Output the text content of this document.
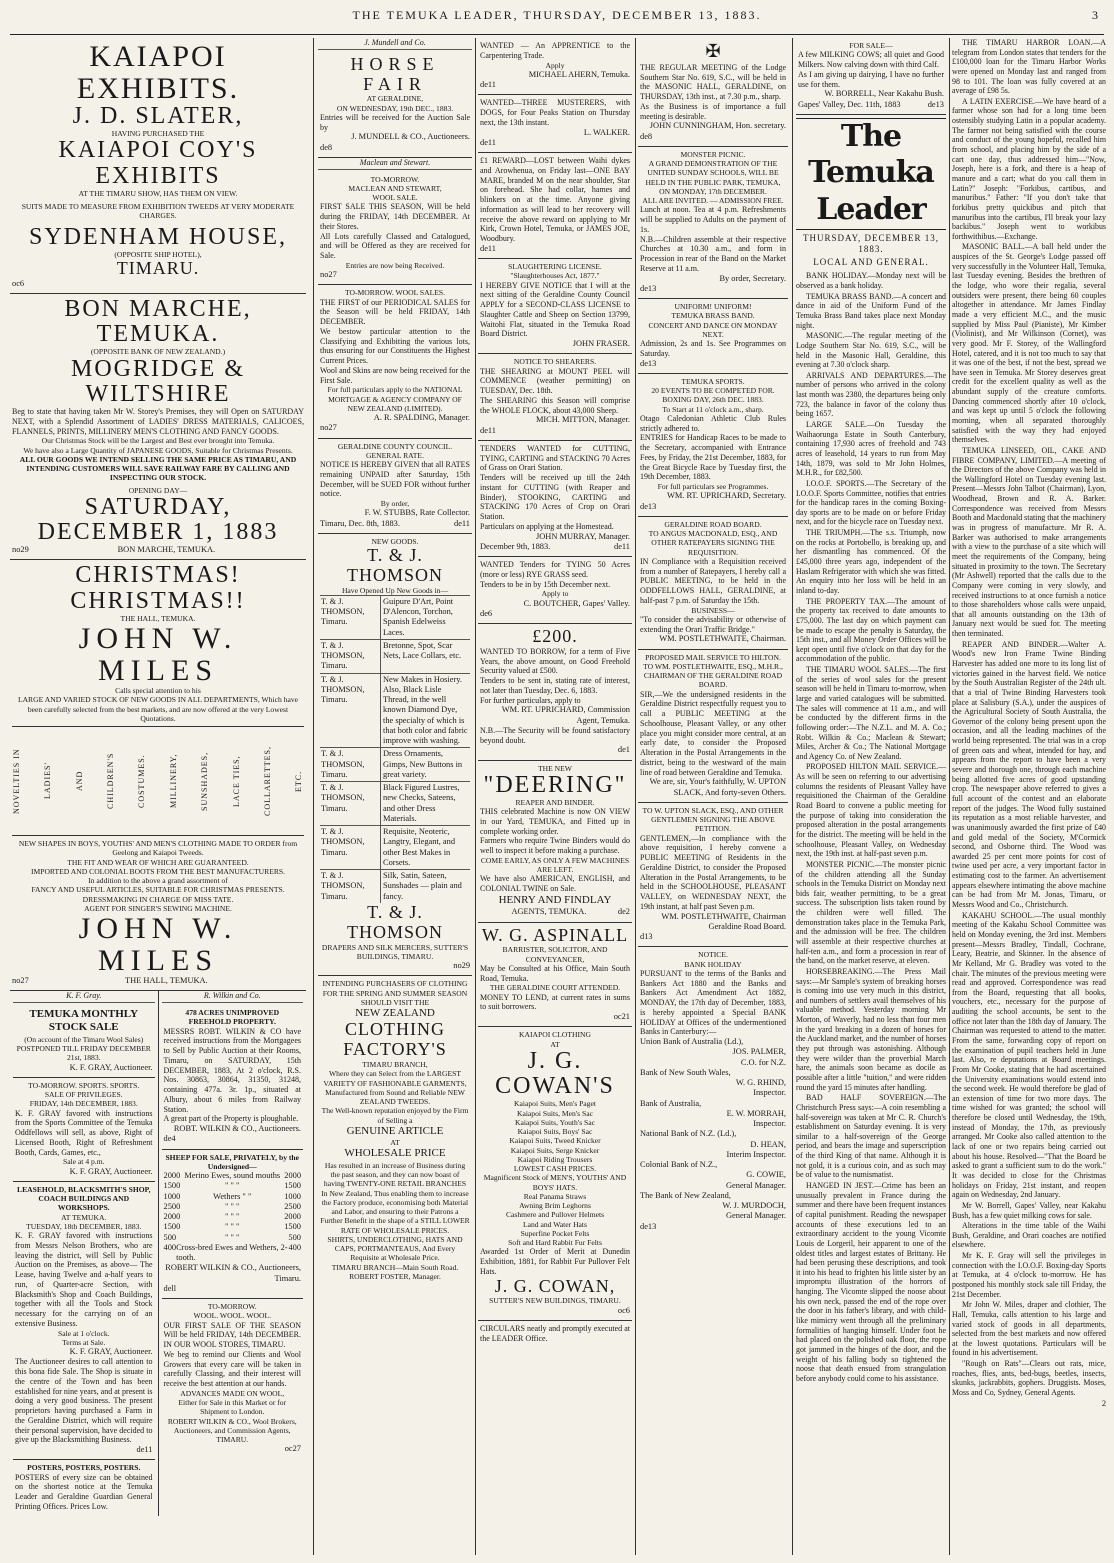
THE TEMUKA LEADER, THURSDAY, DECEMBER 13, 1883.	3
KAIAPOI EXHIBITS.
J. D. SLATER,
HAVING PURCHASED THE
KAIAPOI COY'S EXHIBITS
AT THE TIMARU SHOW, HAS THEM ON VIEW.
SUITS MADE TO MEASURE FROM EXHIBITION TWEEDS AT VERY MODERATE CHARGES.
SYDENHAM HOUSE,
(OPPOSITE SHIP HOTEL),
TIMARU.
oc6
BON MARCHE, TEMUKA.
(OPPOSITE BANK OF NEW ZEALAND.)
MOGRIDGE & WILTSHIRE
Beg to state that having taken Mr W. Storey's Premises, they will Open on SATURDAY NEXT, with a Splendid Assortment of LADIES' DRESS MATERIALS, CALICOES, FLANNELS, PRINTS, MILLINERY MEN'S CLOTHING AND FANCY GOODS.
Our Christmas Stock will be the Largest and Best ever brought into Temuka.
We have also a Large Quantity of JAPANESE GOODS, Suitable for Christmas Presents.
ALL OUR GOODS WE INTEND SELLING THE SAME PRICE AS TIMARU, AND INTENDING CUSTOMERS WILL SAVE RAILWAY FARE BY CALLING AND INSPECTING OUR STOCK.
OPENING DAY—
SATURDAY, DECEMBER 1, 1883
no29	BON MARCHE, TEMUKA.
CHRISTMAS! CHRISTMAS!!
THE HALL, TEMUKA.
JOHN W. MILES
Calls special attention to his
LARGE AND VARIED STOCK OF NEW GOODS IN ALL DEPARTMENTS, Which have been carefully selected from the best markets, and are now offered at the very Lowest Quotations.
NOVELTIES IN	LADIES'	AND	CHILDREN'S	COSTUMES.	MILLINERY,	SUNSHADES,	LACE TIES,	COLLARETTES,	ETC.
NEW SHAPES IN BOYS, YOUTHS' AND MEN'S CLOTHING MADE TO ORDER from Geelong and Kaiapoi Tweeds.
THE FIT AND WEAR OF WHICH ARE GUARANTEED.
IMPORTED AND COLONIAL BOOTS FROM THE BEST MANUFACTURERS.
In addition to the above a grand assortment of
FANCY AND USEFUL ARTICLES, SUITABLE FOR CHRISTMAS PRESENTS.
DRESSMAKING IN CHARGE OF MISS TATE.
AGENT FOR SINGER'S SEWING MACHINE.
JOHN W. MILES
no27	THE HALL, TEMUKA.
K. F. Gray.
TEMUKA MONTHLY STOCK SALE
(On account of the Timaru Wool Sales) POSTPONED TILL FRIDAY DECEMBER 21st, 1883.
K. F. GRAY, Auctioneer.
TO-MORROW. SPORTS. SPORTS.
SALE OF PRIVILEGES.
FRIDAY, 14th DECEMBER, 1883.
K. F. GRAY favored with instructions from the Sports Committee of the Temuka Oddfellows will sell, as above, Right of Licensed Booth, Right of Refreshment Booth, Cards, Games, etc.,
Sale at 4 p.m.
K. F. GRAY, Auctioneer.
LEASEHOLD, BLACKSMITH'S SHOP, COACH BUILDINGS AND WORKSHOPS.
AT TEMUKA.
TUESDAY, 18th DECEMBER, 1883.
K. F. GRAY favored with instructions from Messrs Nelson Brothers, who are leaving the district, will Sell by Public Auction on the Premises, as above— The Lease, having Twelve and a-half years to run, of Quarter-acre Section, with Blacksmith's Shop and Coach Buildings, together with all the Tools and Stock necessary for the carrying on of an extensive Business.
Sale at 1 o'clock.
Terms at Sale.
K. F. GRAY, Auctioneer.
The Auctioneer desires to call attention to this bona fide Sale. The Shop is situate in the centre of the Town and has been established for nine years, and at present is doing a very good business. The present proprietors having purchased a Farm in the Geraldine District, which will require their personal supervision, have decided to give up the Blacksmithing Business.
de11
POSTERS, POSTERS, POSTERS.
POSTERS of every size can be obtained on the shortest notice at the Temuka Leader and Geraldine Guardian General Printing Offices. Prices Low.
R. Wilkin and Co.
478 ACRES UNIMPROVED FREEHOLD PROPERTY.
MESSRS ROBT. WILKIN & CO have received instructions from the Mortgagees to Sell by Public Auction at their Rooms, Timaru, on SATURDAY, 15th DECEMBER, 1883, At 2 o'clock, R.S. Nos. 30863, 30864, 31350, 31248, containing 477a. 3r. 1p., situated at Albury, about 6 miles from Railway Station.
A great part of the Property is ploughable.
ROBT. WILKIN & CO., Auctioneers.
de4
SHEEP FOR SALE, PRIVATELY, by the Undersigned—
2000 Merino Ewes, sound mouths 2000
1500	" " "	1500
1000	Wethers " "	1000
2500	" " "	2500
2000	" " "	2000
1500	" " "	1500
500	" " "	500
400 Cross-bred Ewes and Wethers, 2-tooth.
400
ROBERT WILKIN & CO., Auctioneers, Timaru.
dell
TO-MORROW.
WOOL. WOOL. WOOL.
OUR FIRST SALE OF THE SEASON Will be held FRIDAY, 14th DECEMBER. IN OUR WOOL STORES, TIMARU.
We beg to remind our Clients and Wool Growers that every care will be taken in carefully Classing, and their interest will receive the best attention at our hands.
ADVANCES MADE ON WOOL,
Either for Sale in this Market or for Shipment to London.
ROBERT WILKIN & CO., Wool Brokers, Auctioneers, and Commission Agents, TIMARU.
oc27
J. Mundell and Co.
HORSE FAIR
AT GERALDINE,
ON WEDNESDAY, 19th DEC., 1883.
Entries will be received for the Auction Sale by
J. MUNDELL & CO., Auctioneers.
de8
Maclean and Stewart.
TO-MORROW.
MACLEAN AND STEWART,
WOOL SALE.
FIRST SALE THIS SEASON, Will be held during the FRIDAY, 14th DECEMBER. At their Stores.
All Lots carefully Classed and Catalogued, and will be Offered as they are received for Sale.
Entries are now being Received.
no27
TO-MORROW. WOOL SALES.
THE FIRST of our PERIODICAL SALES for the Season will be held FRIDAY, 14th DECEMBER.
We bestow particular attention to the Classifying and Exhibiting the various lots, thus ensuring for our Constituents the Highest Current Prices.
Wool and Skins are now being received for the First Sale.
For full particulars apply to the NATIONAL MORTGAGE & AGENCY COMPANY OF NEW ZEALAND (LIMITED).
A. R. SPALDING, Manager.
no27
GERALDINE COUNTY COUNCIL.
GENERAL RATE.
NOTICE IS HEREBY GIVEN that all RATES remaining UNPAID after Saturday, 15th December, will be SUED FOR without further notice.
By order,
F. W. STUBBS, Rate Collector.
Timaru, Dec. 8th, 1883.	de11
NEW GOODS.
T. & J. THOMSON
Have Opened Up New Goods in—
T. & J. THOMSON, Timaru.
Guipure D'Art, Point D'Alencon, Torchon, Spanish Edelweiss Laces.
T. & J. THOMSON, Timaru.
Bretonne, Spot, Scar Nets, Lace Collars, etc.
T. & J. THOMSON, Timaru.
New Makes in Hosiery. Also, Black Lisle Thread, in the well known Diamond Dye, the specialty of which is that both color and fabric improve with washing.
T. & J. THOMSON, Timaru.
Dress Ornaments, Gimps, New Buttons in great variety.
T. & J. THOMSON, Timaru.
Black Figured Lustres, new Checks, Sateens, and other Dress Materials.
T. & J. THOMSON, Timaru.
Requisite, Neoteric, Langtry, Elegant, and other Best Makes in Corsets.
T. & J. THOMSON, Timaru.
Silk, Satin, Sateen, Sunshades — plain and fancy.
T. & J. THOMSON
DRAPERS AND SILK MERCERS, SUTTER'S BUILDINGS, TIMARU.
no29
INTENDING PURCHASERS OF CLOTHING FOR THE SPRING AND SUMMER SEASON SHOULD VISIT THE
NEW ZEALAND
CLOTHING FACTORY'S
TIMARU BRANCH,
Where they can Select from the LARGEST VARIETY OF FASHIONABLE GARMENTS, Manufactured from Sound and Reliable NEW ZEALAND TWEEDS.
The Well-known reputation enjoyed by the Firm of Selling a
GENUINE ARTICLE
AT
WHOLESALE PRICE
Has resulted in an increase of Business during the past season, and they can now boast of having TWENTY-ONE RETAIL BRANCHES In New Zealand, Thus enabling them to increase the Factory produce, economising both Material and Labor, and ensuring to their Patrons a Further Benefit in the shape of a STILL LOWER RATE OF WHOLESALE PRICES.
SHIRTS, UNDERCLOTHING, HATS AND CAPS, PORTMANTEAUS, And Every Requisite at Wholesale Price.
TIMARU BRANCH—Main South Road. ROBERT FOSTER, Manager.
WANTED — An APPRENTICE to the Carpentering Trade.
Apply
MICHAEL AHERN, Temuka.
de11
WANTED—THREE MUSTERERS, with DOGS, for Four Peaks Station on Thursday next, the 13th instant.
L. WALKER.
de11
£1 REWARD—LOST between Waihi dykes and Arowhenua, on Friday last—ONE BAY MARE, branded M on the near shoulder, Star on forehead. She had collar, hames and blinkers on at the time. Anyone giving information as will lead to her recovery will receive the above reward on applying to Mr Kirk, Crown Hotel, Temuka, or JAMES JOE, Woodbury.
de11
SLAUGHTERING LICENSE.
"Slaughterhouses Act, 1877."
I HEREBY GIVE NOTICE that I will at the next sitting of the Geraldine County Council APPLY for a SECOND-CLASS LICENSE to Slaughter Cattle and Sheep on Section 13799, Waitohi Flat, situated in the Temuka Road Board District.
JOHN FRASER.
NOTICE TO SHEARERS.
THE SHEARING at MOUNT PEEL will COMMENCE (weather permitting) on TUESDAY, Dec. 18th.
The SHEARING this Season will comprise the WHOLE FLOCK, about 43,000 Sheep.
MICH. MITTON, Manager.
de11
TENDERS WANTED for CUTTING, TYING, CARTING and STACKING 70 Acres of Grass on Orari Station.
Tenders will be received up till the 24th instant for CUTTING (with Reaper and Binder), STOOKING, CARTING and STACKING 170 Acres of Crop on Orari Station.
Particulars on applying at the Homestead.
JOHN MURRAY, Manager.
December 9th, 1883.	de11
WANTED Tenders for TYING 50 Acres (more or less) RYE GRASS seed.
Tenders to be in by 15th December next.
Apply to
C. BOUTCHER, Gapes' Valley.
de6
£200.
WANTED TO BORROW, for a term of Five Years, the above amount, on Good Freehold Security valued at £500.
Tenders to be sent in, stating rate of interest, not later than Tuesday, Dec. 6, 1883.
For further particulars, apply to
WM. RT. UPRICHARD, Commission Agent, Temuka.
N.B.—The Security will be found satisfactory beyond doubt.
de1
THE NEW
"DEERING"
REAPER AND BINDER.
THIS celebrated Machine is now ON VIEW in our Yard, TEMUKA, and Fitted up in complete working order.
Farmers who require Twine Binders would do well to inspect it before making a purchase.
COME EARLY, AS ONLY A FEW MACHINES ARE LEFT.
We have also AMERICAN, ENGLISH, and COLONIAL TWINE on Sale.
HENRY AND FINDLAY
AGENTS, TEMUKA.	de2
W. G. ASPINALL
BARRISTER, SOLICITOR, AND CONVEYANCER,
May be Consulted at his Office, Main South Road, Temuka.
THE GERALDINE COURT ATTENDED.
MONEY TO LEND, at current rates in sums to suit borrowers.
oc21
KAIAPOI CLOTHING
AT
J. G. COWAN'S
Kaiapoi Suits, Men's Paget
Kaiapoi Suits, Men's Sac
Kaiapoi Suits, Youth's Sac
Kaiapoi Suits, Boys' Sac
Kaiapoi Suits, Tweed Knicker
Kaiapoi Suits, Serge Knicker
Kaiapoi Riding Trousers
LOWEST CASH PRICES.
Magnificent Stock of MEN'S, YOUTHS' AND BOYS' HATS.
Real Panama Straws
Awning Brim Leghorns
Cashmere and Pullover Helmets
Land and Water Hats
Superfine Pocket Felts
Soft and Hard Rabbit Fur Felts
Awarded 1st Order of Merit at Dunedin Exhibition, 1881, for Rabbit Fur Pullover Felt Hats.
J. G. COWAN,
SUTTER'S NEW BUILDINGS, TIMARU.
oc6
CIRCULARS neatly and promptly executed at the LEADER Office.
✠
THE REGULAR MEETING of the Lodge Southern Star No. 619, S.C., will be held in the MASONIC HALL, GERALDINE, on THURSDAY, 13th inst., at 7.30 p.m., sharp.
As the Business is of importance a full meeting is desirable.
JOHN CUNNINGHAM, Hon. secretary.
de8
MONSTER PICNIC.
A GRAND DEMONSTRATION OF THE UNITED SUNDAY SCHOOLS, WILL BE HELD IN THE PUBLIC PARK, TEMUKA, ON MONDAY, 17th DECEMBER.
ALL ARE INVITED. — ADMISSION FREE.
Lunch at noon. Tea at 4 p.m. Refreshments will be supplied to Adults on the payment of 1s.
N.B.—Children assemble at their respective Churches at 10.30 a.m., and form in Procession in rear of the Band on the Market Reserve at 11 a.m.
By order, Secretary.
de13
UNIFORM! UNIFORM!
TEMUKA BRASS BAND.
CONCERT AND DANCE ON MONDAY NEXT.
Admission, 2s and 1s. See Programmes on Saturday.
de13
TEMUKA SPORTS.
20 EVENTS TO BE COMPETED FOR.
BOXING DAY, 26th DEC. 1883.
To Start at 11 o'clock a.m., sharp.
Otago Caledonian Athletic Club Rules strictly adhered to.
ENTRIES for Handicap Races to be made to the Secretary, accompanied with Entrance Fees, by Friday, the 21st December, 1883, for the Great Bicycle Race by Tuesday first, the 19th December, 1883.
For full particulars see Programmes.
WM. RT. UPRICHARD, Secretary.
de13
GERALDINE ROAD BOARD.
TO ANGUS MACDONALD, ESQ., AND OTHER RATEPAYERS SIGNING THE REQUISITION.
IN Compliance with a Requisition received from a number of Ratepayers, I hereby call a PUBLIC MEETING, to be held in the ODDFELLOWS HALL, GERALDINE, at half-past 7 p.m. of Saturday the 15th.
BUSINESS—
"To consider the advisability or otherwise of extending the Orari Traffic Bridge."
WM. POSTLETHWAITE, Chairman.
PROPOSED MAIL SERVICE TO HILTON.
TO WM. POSTLETHWAITE, ESQ., M.H.R., CHAIRMAN OF THE GERALDINE ROAD BOARD.
SIR,—We the undersigned residents in the Geraldine District respectfully request you to call a PUBLIC MEETING at the Schoolhouse, Pleasant Valley, or any other place you might consider more central, at an early date, to consider the Proposed Alteration in the Postal Arrangements in the district, being to the westward of the main line of road between Geraldine and Temuka.
We are, sir, Your's faithfully, W. UPTON SLACK, And forty-seven Others.
TO W. UPTON SLACK, ESQ., AND OTHER GENTLEMEN SIGNING THE ABOVE PETITION.
GENTLEMEN,—In compliance with the above requisition, I hereby convene a PUBLIC MEETING of Residents in the Geraldine District, to consider the Proposed Alteration in the Postal Arrangements, to be held in the SCHOOLHOUSE, PLEASANT VALLEY, on WEDNESDAY NEXT, the 19th instant, at half past Seven p.m.
WM. POSTLETHWAITE, Chairman Geraldine Road Board.
d13
NOTICE.
BANK HOLIDAY
PURSUANT to the terms of the Banks and Bankers Act 1880 and the Banks and Bankers Act Amendment Act 1882, MONDAY, the 17th day of December, 1883, is hereby appointed a Special BANK HOLIDAY at Offices of the undermentioned Banks in Canterbury:—
Union Bank of Australia (Ld.),
JOS. PALMER,
C.O. for N.Z.
Bank of New South Wales,
W. G. RHIND,
Inspector.
Bank of Australia,
E. W. MORRAH,
Inspector.
National Bank of N.Z. (Ld.),
D. HEAN,
Interim Inspector.
Colonial Bank of N.Z.,
G. COWIE,
General Manager.
The Bank of New Zealand,
W. J. MURDOCH,
General Manager.
de13
FOR SALE—
A few MILKING COWS; all quiet and Good Milkers. Now calving down with third Calf.
As I am giving up dairying, I have no further use for them.
W. BORRELL, Near Kakahu Bush.
Gapes' Valley, Dec. 11th, 1883	de13
The Temuka Leader
THURSDAY, DECEMBER 13, 1883.
LOCAL AND GENERAL.

BANK HOLIDAY.—Monday next will be observed as a bank holiday.

TEMUKA BRASS BAND.—A concert and dance in aid of the Uniform Fund of the Temuka Brass Band takes place next Monday night.

MASONIC.—The regular meeting of the Lodge Southern Star No. 619, S.C., will be held in the Masonic Hall, Geraldine, this evening at 7.30 o'clock sharp.

ARRIVALS AND DEPARTURES.—The number of persons who arrived in the colony last month was 2380, the departures being only 723, the balance in favor of the colony thus being 1657.

LARGE SALE.—On Tuesday the Waihaorunga Estate in South Canterbury, containing 17,930 acres of freehold and 743 acres of leasehold, 14 years to run from May 14th, 1879, was sold to Mr John Holmes, M.H.R., for £82,500.

I.O.O.F. SPORTS.—The Secretary of the I.O.O.F. Sports Committee, notifies that entries for the handicap races in the coming Boxing-day sports are to be made on or before Friday next, and for the bicycle race on Tuesday next.

THE TRIUMPH.—The s.s. Triumph, now on the rocks at Portobello, is breaking up, and her dismantling has commenced. Of the £45,000 three years ago, independent of the Haslam Refrigerator with which she was fitted. An enquiry into her loss will be held in an inland to-day.

THE PROPERTY TAX.—The amount of the property tax received to date amounts to £75,000. The last day on which payment can be made to escape the penalty is Saturday, the 15th inst., and all Money Order Offices will be kept open until five o'clock on that day for the accommodation of the public.

THE TIMARU WOOL SALES.—The first of the series of wool sales for the present season will be held in Timaru to-morrow, when large and varied catalogues will be submitted. The sales will commence at 11 a.m., and will be conducted by the different firms in the following order:—The N.Z.L. and M. A. Co.; Robt. Wilkin & Co.; Maclean & Stewart; Miles, Archer & Co.; The National Mortgage and Agency Co. of New Zealand.

PROPOSED HILTON MAIL SERVICE.—As will be seen on referring to our advertising columns the residents of Pleasant Valley have requisitioned the Chairman of the Geraldine Road Board to convene a public meeting for the purpose of taking into consideration the proposed alteration in the postal arrangements for the district. The meeting will be held in the schoolhouse, Pleasant Valley, on Wednesday next, the 19th inst. at half-past seven p.m.

MONSTER PICNIC.—The monster picnic of the children attending all the Sunday schools in the Temuka District on Monday next bids fair, weather permitting, to be a great success. The subscription lists taken round by the children were well filled. The demonstration takes place in the Temuka Park, and the admission will be free. The children will assemble at their respective churches at half-ten a.m., and form a procession in rear of the band, on the market reserve, at eleven.

HORSEBREAKING.—The Press Mail says:—Mr Sample's system of breaking horses is coming into use very much in this district, and numbers of settlers avail themselves of his valuable method. Yesterday morning Mr Morton, of Waverly, had no less than four men in the yard breaking in a dozen of horses for the Auckland market, and the number of horses they put through was astonishing. Although they were wilder than the proverbial March hare, the animals soon became as docile as possible after a little "tuition," and were ridden round the yard 15 minutes after handling.

BAD HALF SOVEREIGN.—The Christchurch Press says:—A coin resembling a half-sovereign was taken at Mr C. R. Church's establishment on Saturday evening. It is very similar to a half-sovereign of the George period, and bears the image and superscription of the third King of that name. Although it is not gold, it is a curious coin, and as such may be of value to the numismatist.

HANGED IN JEST.—Crime has been an unusually prevalent in France during the summer and there have been frequent instances of capital punishment. Reading the newspaper accounts of these executions led to an extraordinary accident to the young Vicomte Louis de Lorgeril, heir apparent to one of the oldest titles and largest estates of Brittany. He had been perusing these descriptions, and took it into his head to frighten his little sister by an impromptu illustration of the horrors of hanging. The Vicomte slipped the noose about his own neck, passed the end of the rope over the door in his father's library, and with child-like mimicry went through all the preliminary formalities of hanging himself. Under foot he had placed on the polished oak floor, the rope got jammed in the hinges of the door, and the weight of his falling body so tightened the noose that death ensued from strangulation before anybody could come to his assistance.

THE TIMARU HARBOR LOAN.—A telegram from London states that tenders for the £100,000 loan for the Timaru Harbor Works were opened on Monday last and ranged from 98 to 101. The loan was fully covered at an average of £98 5s.

A LATIN EXERCISE.—We have heard of a farmer whose son had for a long time been ostensibly studying Latin in a popular academy. The farmer not being satisfied with the course and conduct of the young hopeful, recalled him from school, and placing him by the side of a cart one day, thus addressed him—"Now, Joseph, here is a fork, and there is a heap of manure and a cart; what do you call them in Latin?" Joseph: "Forkibus, cartibus, and manuribus." Father: "If you don't take that forkibus pretty quickibus and pitch that manuribus into the cartibus, I'll break your lazy backibus." Joseph went to workibus forthwithibus.—Exchange.

MASONIC BALL.—A ball held under the auspices of the St. George's Lodge passed off very successfully in the Volunteer Hall, Temuka, last Tuesday evening. Besides the brethren of the lodge, who wore their regalia, several outsiders were present, there being 60 couples altogether in attendance. Mr James Findlay made a very efficient M.C., and the music supplied by Miss Paul (Pianiste), Mr Kimber (Violinist), and Mr Wilkinson (Cornet), was very good. Mr F. Storey, of the Wallingford Hotel, catered, and it is not too much to say that it was one of the best, if not the best, spread we have seen in Temuka. Mr Storey deserves great credit for the excellent quality as well as the abundant supply of the creature comforts. Dancing commenced shortly after 10 o'clock, and was kept up until 5 o'clock the following morning, when all separated thoroughly satisfied with the way they had enjoyed themselves.

TEMUKA LINSEED, OIL, CAKE AND FIBRE COMPANY, LIMITED.—A meeting of the Directors of the above Company was held in the Wallingford Hotel on Tuesday evening last. Present—Messrs John Talbot (Chairman), Lyon, Woodhead, Brown and R. A. Barker. Correspondence was received from Messrs Booth and Macdonald stating that the machinery was in progress of manufacture. Mr R. A. Barker was authorised to make arrangements with a view to the purchase of a site which will meet the requirements of the Company, being situated in proximity to the town. The Secretary (Mr Ashwell) reported that the calls due to the Company were coming in very slowly, and received instructions to at once furnish a notice to those shareholders whose calls were unpaid, that all amounts outstanding on the 13th of January next would be sued for. The meeting then terminated.

REAPER AND BINDER.—Walter A. Wood's new Iron Frame Twine Binding Harvester has added one more to its long list of victories gained in the harvest field. We notice by the South Australian Register of the 24th ult. that a trial of Twine Binding Harvesters took place at Salisbury (S.A.), under the auspices of the Agricultural Society of South Australia, the Governor of the colony being present upon the occasion, and all the leading machines of the world being represented. The trial was in a crop of green oats and wheat, intended for hay, and appears from the report to have been a very severe and thorough one, through each machine being allotted five acres of good upstanding crop. The newspaper above referred to gives a full account of the contest and an elaborate report of the judges. The Wood fully sustained its reputation as a most reliable harvester, and was unanimously awarded the first prize of £40 and gold medal of the Society, M'Cormick second, and Osborne third. The Wood was awarded 25 per cent more points for cost of twine used per acre, a very important factor in estimating cost to the farmer. An advertisement appears elsewhere intimating the above machine can be had from Mr M. Jonas, Timaru, or Messrs Wood and Co., Christchurch.

KAKAHU SCHOOL.—The usual monthly meeting of the Kakahu School Committee was held on Monday evening, the 3rd inst. Members present—Messrs Bradley, Tindall, Cochrane, Leary, Beatrie, and Skinner. In the absence of Mr Kelland, Mr G. Bradley was voted to the chair. The minutes of the previous meeting were read and approved. Correspondence was read from the Board, requesting that all books, vouchers, etc., necessary for the purpose of auditing the school accounts, be sent to the office not later than the 18th day of January. The Chairman was requested to attend to the matter. From the same, forwarding copy of report on the examination of pupil teachers held in June last. Also, re deputations at Board meetings. From Mr Cooke, stating that he had ascertained the University examinations would extend into the second week. He would therefore be glad of an extension of time for two more days. The time wished for was granted; the school will therefore be closed until Wednesday, the 19th, instead of Monday, the 17th, as previously arranged. Mr Cooke also called attention to the lack of one or two repairs being carried out about his house. Resolved—"That the Board be asked to grant a sufficient sum to do the work." It was decided to close for the Christmas holidays on Friday, 21st instant, and reopen again on Wednesday, 2nd January.

Mr W. Borrell, Gapes' Valley, near Kakahu Bush, has a few quiet milking cows for sale.

Alterations in the time table of the Waihi Bush, Geraldine, and Orari coaches are notified elsewhere.

Mr K. F. Gray will sell the privileges in connection with the I.O.O.F. Boxing-day Sports at Temuka, at 4 o'clock to-morrow. He has postponed his monthly stock sale till Friday, the 21st December.

Mr John W. Miles, draper and clothier, The Hall, Temuka, calls attention to his large and varied stock of goods in all departments, selected from the best markets and now offered at the lowest quotations. Particulars will be found in his advertisement.

"Rough on Rats"—Clears out rats, mice, roaches, flies, ants, bed-bugs, beetles, insects, skunks, jackrabbits, gophers. Druggists. Moses, Moss and Co, Sydney, General Agents.

2
